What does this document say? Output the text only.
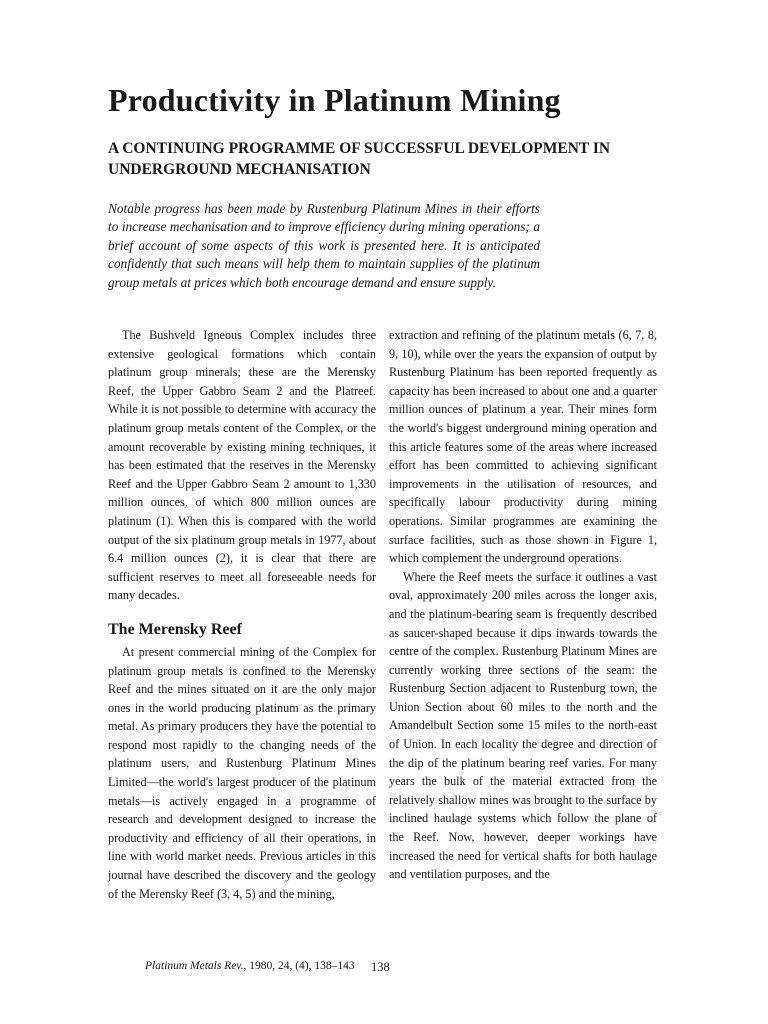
Productivity in Platinum Mining
A CONTINUING PROGRAMME OF SUCCESSFUL DEVELOPMENT IN UNDERGROUND MECHANISATION

Notable progress has been made by Rustenburg Platinum Mines in their efforts to increase mechanisation and to improve efficiency during mining operations; a brief account of some aspects of this work is presented here. It is anticipated confidently that such means will help them to maintain supplies of the platinum group metals at prices which both encourage demand and ensure supply.

The Bushveld Igneous Complex includes three extensive geological formations which contain platinum group minerals; these are the Merensky Reef, the Upper Gabbro Seam 2 and the Platreef. While it is not possible to determine with accuracy the platinum group metals content of the Complex, or the amount recoverable by existing mining techniques, it has been estimated that the reserves in the Merensky Reef and the Upper Gabbro Seam 2 amount to 1,330 million ounces, of which 800 million ounces are platinum (1). When this is compared with the world output of the six platinum group metals in 1977, about 6.4 million ounces (2), it is clear that there are sufficient reserves to meet all foreseeable needs for many decades.

The Merensky Reef

At present commercial mining of the Complex for platinum group metals is confined to the Merensky Reef and the mines situated on it are the only major ones in the world producing platinum as the primary metal. As primary producers they have the potential to respond most rapidly to the changing needs of the platinum users, and Rustenburg Platinum Mines Limited—the world's largest producer of the platinum metals—is actively engaged in a programme of research and development designed to increase the productivity and efficiency of all their operations, in line with world market needs. Previous articles in this journal have described the discovery and the geology of the Merensky Reef (3, 4, 5) and the mining,

extraction and refining of the platinum metals (6, 7, 8, 9, 10), while over the years the expansion of output by Rustenburg Platinum has been reported frequently as capacity has been increased to about one and a quarter million ounces of platinum a year. Their mines form the world's biggest underground mining operation and this article features some of the areas where increased effort has been committed to achieving significant improvements in the utilisation of resources, and specifically labour productivity during mining operations. Similar programmes are examining the surface facilities, such as those shown in Figure 1, which complement the underground operations.

Where the Reef meets the surface it outlines a vast oval, approximately 200 miles across the longer axis, and the platinum-bearing seam is frequently described as saucer-shaped because it dips inwards towards the centre of the complex. Rustenburg Platinum Mines are currently working three sections of the seam: the Rustenburg Section adjacent to Rustenburg town, the Union Section about 60 miles to the north and the Amandelbult Section some 15 miles to the north-east of Union. In each locality the degree and direction of the dip of the platinum bearing reef varies. For many years the bulk of the material extracted from the relatively shallow mines was brought to the surface by inclined haulage systems which follow the plane of the Reef. Now, however, deeper workings have increased the need for vertical shafts for both haulage and ventilation purposes, and the

Platinum Metals Rev., 1980, 24, (4), 138–143 138
